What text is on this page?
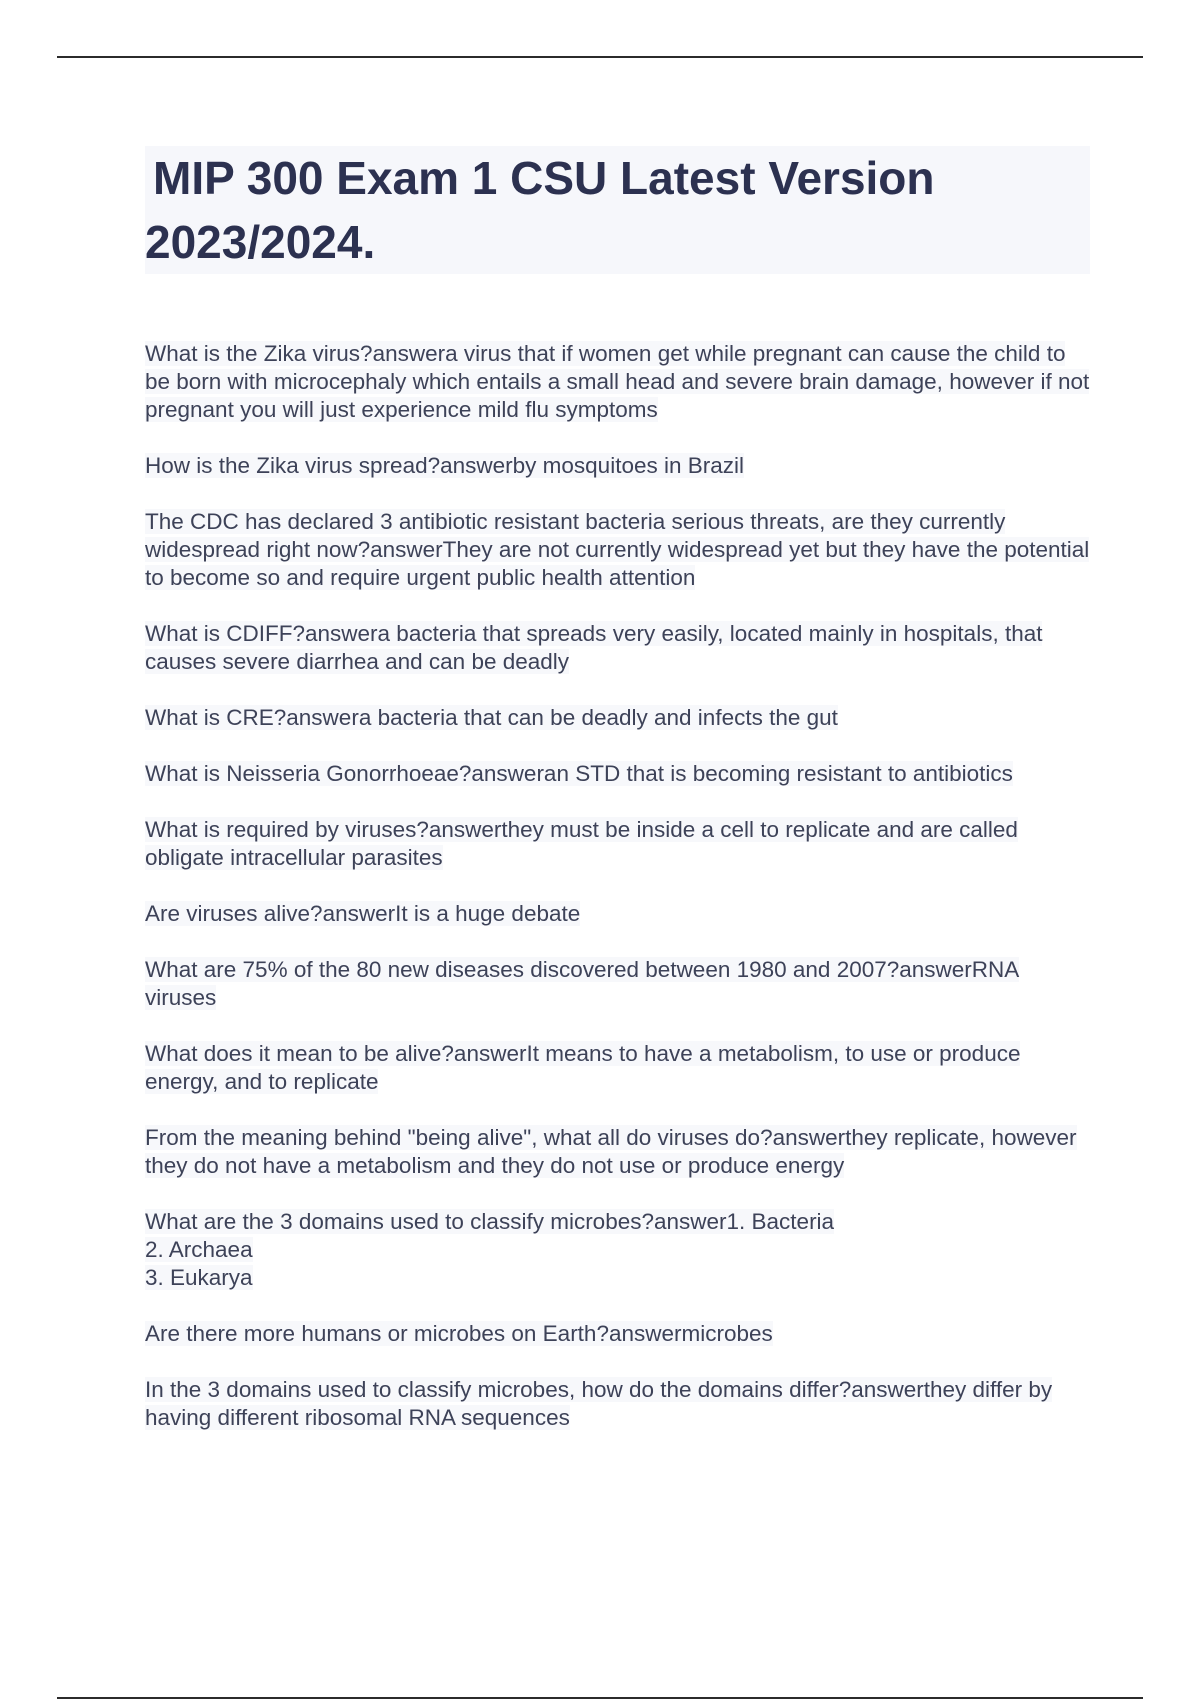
MIP 300 Exam 1 CSU Latest Version 2023/2024.
What is the Zika virus?answera virus that if women get while pregnant can cause the child to be born with microcephaly which entails a small head and severe brain damage, however if not pregnant you will just experience mild flu symptoms
How is the Zika virus spread?answerby mosquitoes in Brazil
The CDC has declared 3 antibiotic resistant bacteria serious threats, are they currently widespread right now?answerThey are not currently widespread yet but they have the potential to become so and require urgent public health attention
What is CDIFF?answera bacteria that spreads very easily, located mainly in hospitals, that causes severe diarrhea and can be deadly
What is CRE?answera bacteria that can be deadly and infects the gut
What is Neisseria Gonorrhoeae?answeran STD that is becoming resistant to antibiotics
What is required by viruses?answerthey must be inside a cell to replicate and are called obligate intracellular parasites
Are viruses alive?answerIt is a huge debate
What are 75% of the 80 new diseases discovered between 1980 and 2007?answerRNA viruses
What does it mean to be alive?answerIt means to have a metabolism, to use or produce energy, and to replicate
From the meaning behind "being alive", what all do viruses do?answerthey replicate, however they do not have a metabolism and they do not use or produce energy
What are the 3 domains used to classify microbes?answer1. Bacteria
2. Archaea
3. Eukarya
Are there more humans or microbes on Earth?answermicrobes
In the 3 domains used to classify microbes, how do the domains differ?answerthey differ by having different ribosomal RNA sequences
